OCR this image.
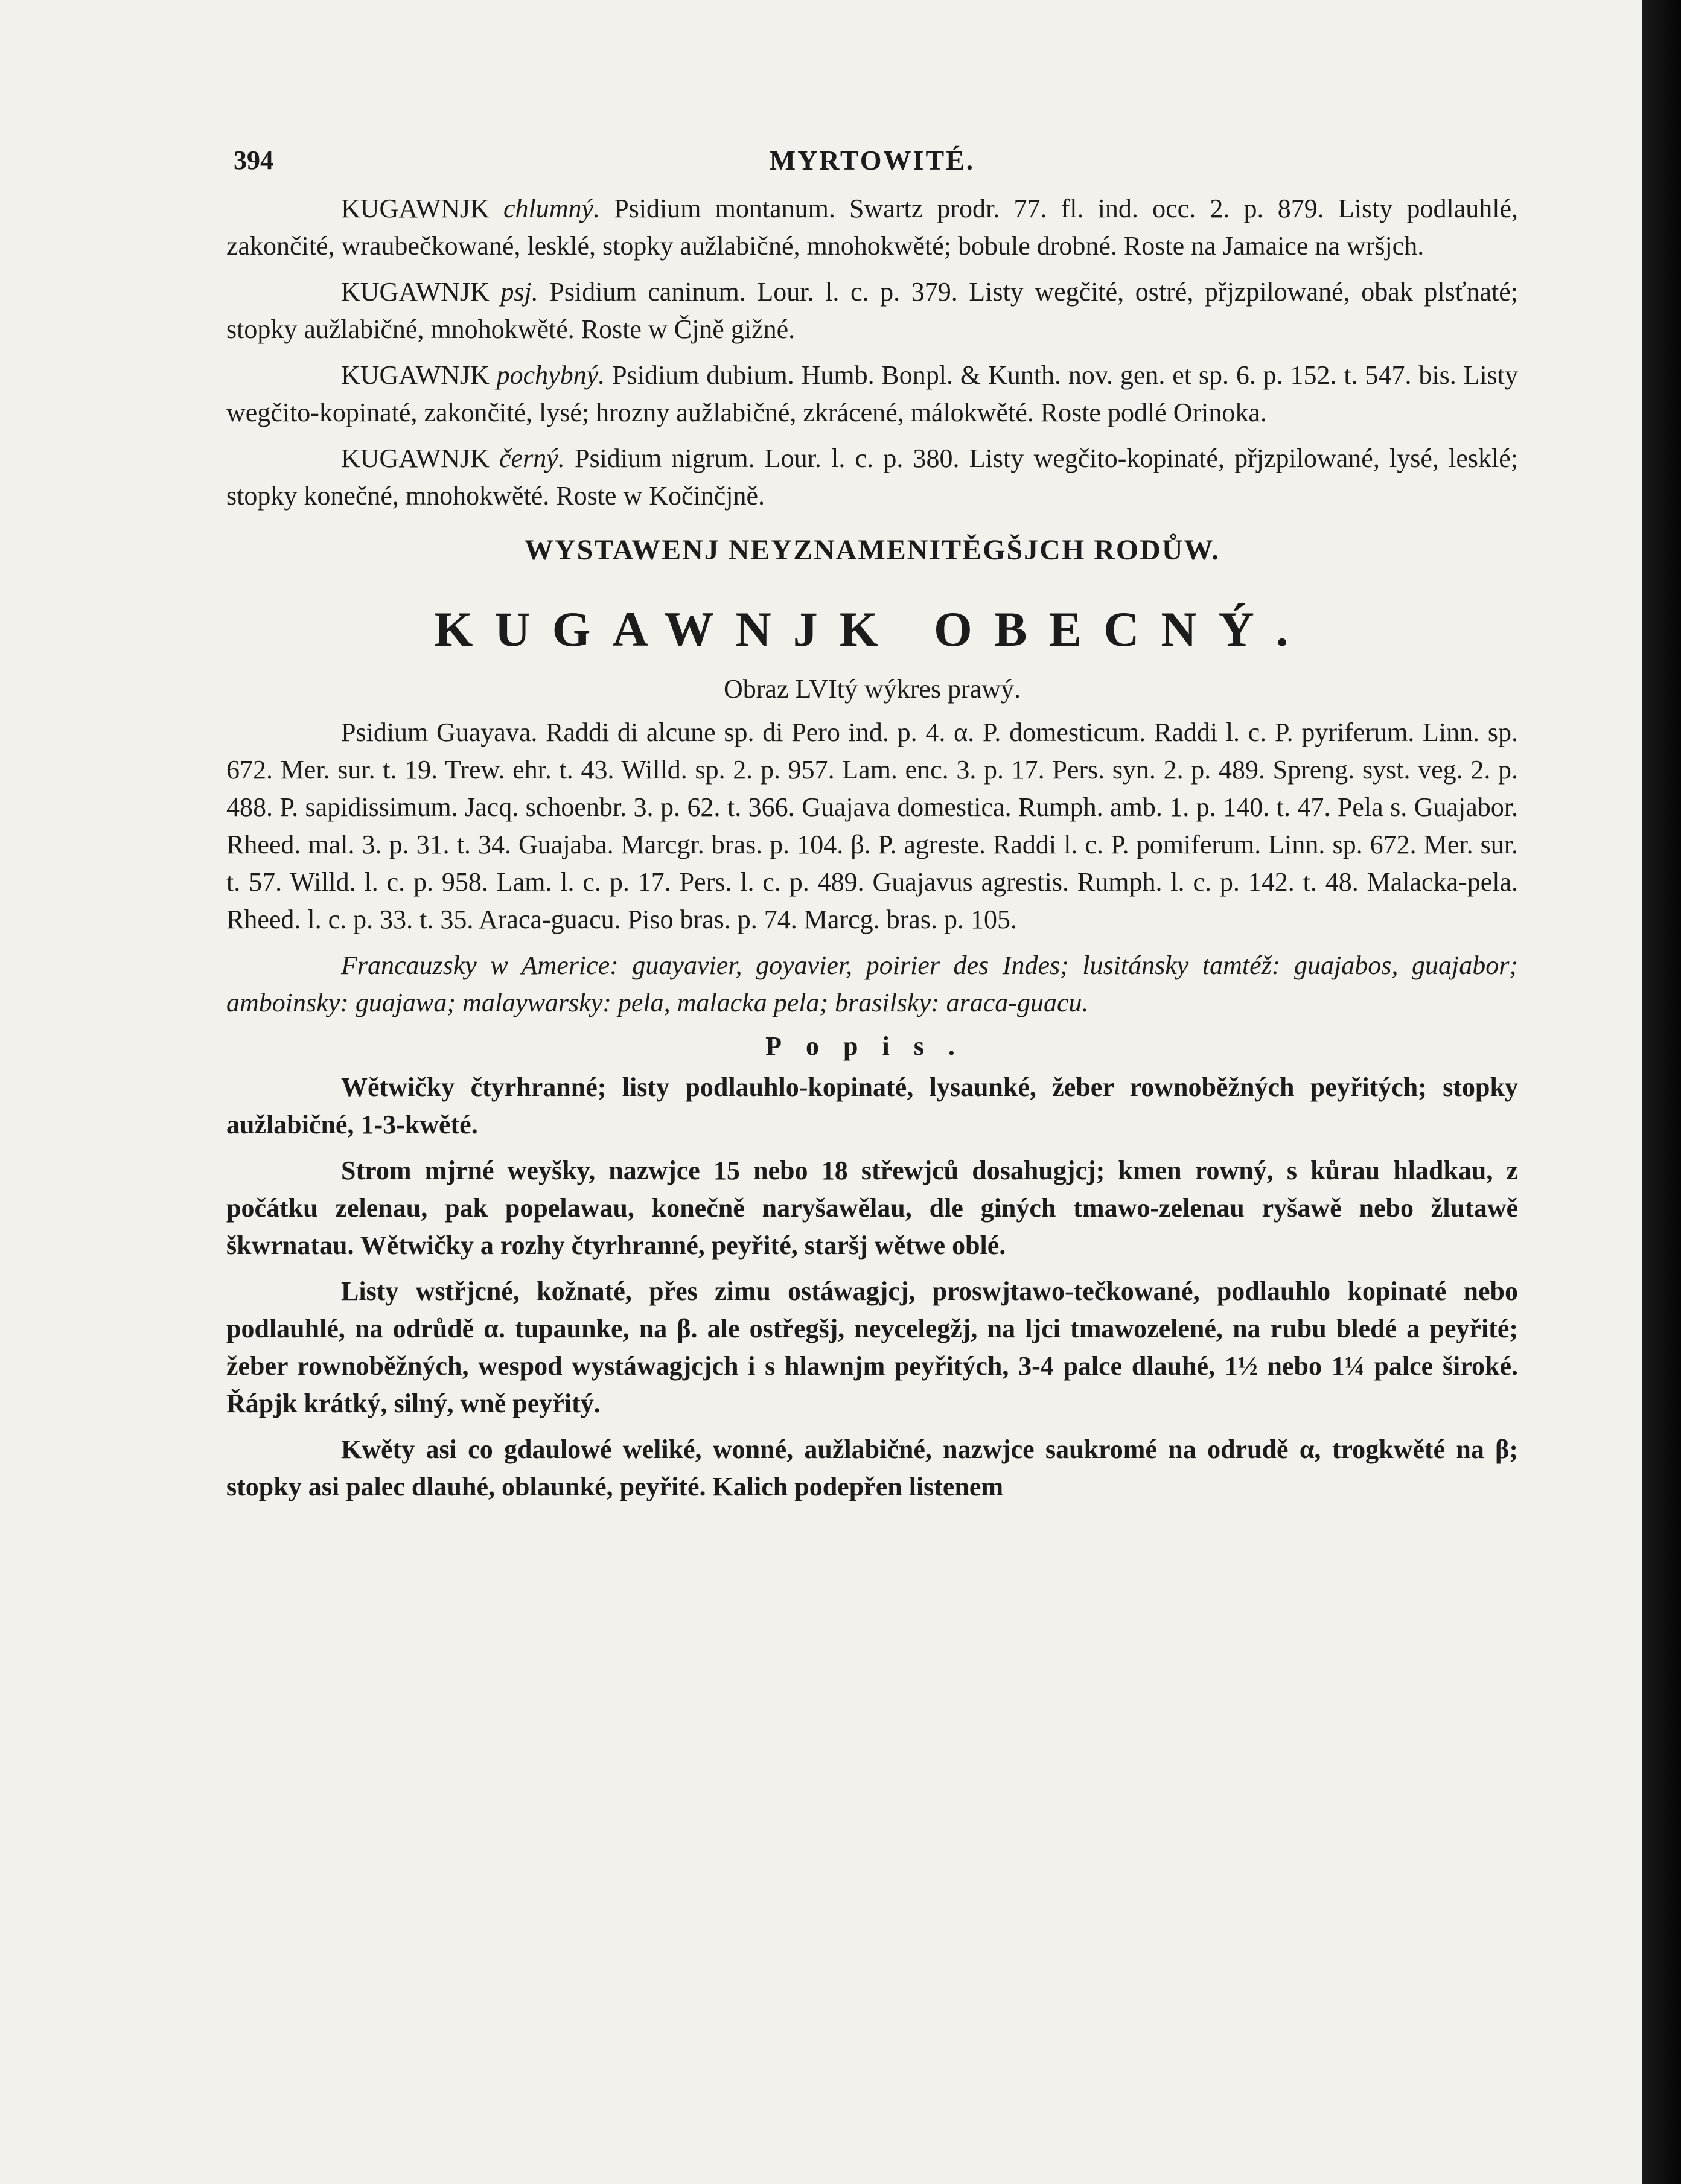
394	MYRTOWITÉ.

KUGAWNJK chlumný. Psidium montanum. Swartz prodr. 77. fl. ind. occ. 2. p. 879. Listy podlauhlé, zakončité, wraubečkowané, lesklé, stopky aužlabičné, mnohokwěté; bobule drobné. Roste na Jamaice na wršjch.

KUGAWNJK psj. Psidium caninum. Lour. l. c. p. 379. Listy wegčité, ostré, přjzpilowané, obak plsťnaté; stopky aužlabičné, mnohokwěté. Roste w Čjně gižné.

KUGAWNJK pochybný. Psidium dubium. Humb. Bonpl. & Kunth. nov. gen. et sp. 6. p. 152. t. 547. bis. Listy wegčito-kopinaté, zakončité, lysé; hrozny aužlabičné, zkrácené, málokwěté. Roste podlé Orinoka.

KUGAWNJK černý. Psidium nigrum. Lour. l. c. p. 380. Listy wegčito-kopinaté, přjzpilowané, lysé, lesklé; stopky konečné, mnohokwěté. Roste w Kočinčjně.

WYSTAWENJ NEYZNAMENITĚGŠJCH RODŮW.
KUGAWNJK OBECNÝ.
Obraz LVItý wýkres prawý.

Psidium Guayava. Raddi di alcune sp. di Pero ind. p. 4. α. P. domesticum. Raddi l. c. P. pyriferum. Linn. sp. 672. Mer. sur. t. 19. Trew. ehr. t. 43. Willd. sp. 2. p. 957. Lam. enc. 3. p. 17. Pers. syn. 2. p. 489. Spreng. syst. veg. 2. p. 488. P. sapidissimum. Jacq. schoenbr. 3. p. 62. t. 366. Guajava domestica. Rumph. amb. 1. p. 140. t. 47. Pela s. Guajabor. Rheed. mal. 3. p. 31. t. 34. Guajaba. Marcgr. bras. p. 104. β. P. agreste. Raddi l. c. P. pomiferum. Linn. sp. 672. Mer. sur. t. 57. Willd. l. c. p. 958. Lam. l. c. p. 17. Pers. l. c. p. 489. Guajavus agrestis. Rumph. l. c. p. 142. t. 48. Malacka-pela. Rheed. l. c. p. 33. t. 35. Araca-guacu. Piso bras. p. 74. Marcg. bras. p. 105.

Francauzsky w Americe: guayavier, goyavier, poirier des Indes; lusitánsky tamtéž: guajabos, guajabor; amboinsky: guajawa; malaywarsky: pela, malacka pela; brasilsky: araca-guacu.

Popis.

Wětwičky čtyrhranné; listy podlauhlo-kopinaté, lysaunké, žeber rownoběžných peyřitých; stopky aužlabičné, 1-3-kwěté.

Strom mjrné weyšky, nazwjce 15 nebo 18 střewjců dosahugjcj; kmen rowný, s kůrau hladkau, z počátku zelenau, pak popelawau, konečně naryšawělau, dle giných tmawo-zelenau ryšawě nebo žlutawě škwrnatau. Wětwičky a rozhy čtyrhranné, peyřité, staršj wětwe oblé.

Listy wstřjcné, kožnaté, přes zimu ostáwagjcj, proswjtawo-tečkowané, podlauhlo kopinaté nebo podlauhlé, na odrůdě α. tupaunke, na β. ale ostřegšj, neycelegžj, na ljci tmawozelené, na rubu bledé a peyřité; žeber rownoběžných, wespod wystáwagjcjch i s hlawnjm peyřitých, 3-4 palce dlauhé, 1½ nebo 1¼ palce široké. Řápjk krátký, silný, wně peyřitý.

Kwěty asi co gdaulowé weliké, wonné, aužlabičné, nazwjce saukromé na odrudě α, trogkwěté na β; stopky asi palec dlauhé, oblaunké, peyřité. Kalich podepřen listenem
